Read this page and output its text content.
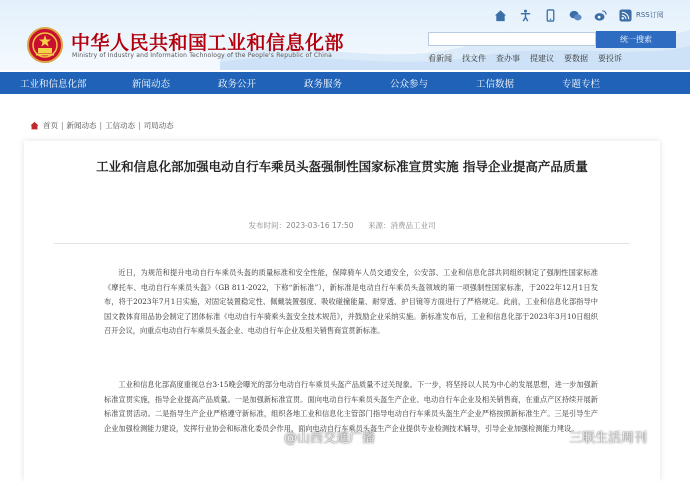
中华人民共和国工业和信息化部
Ministry of Industry and Information Technology of the People's Republic of China
RSS订阅
统一搜索
看新闻 找文件 查办事 提建议 要数据 要投诉
工业和信息化部	新闻动态	政务公开	政务服务	公众参与	工信数据	专题专栏
首页 | 新闻动态 | 工信动态 | 司局动态
工业和信息化部加强电动自行车乘员头盔强制性国家标准宣贯实施 指导企业提高产品质量
发布时间：2023-03-16 17:50 来源：消费品工业司

近日，为规范和提升电动自行车乘员头盔的质量标准和安全性能，保障骑车人员交通安全，公安部、工业和信息化部共同组织制定了强制性国家标准《摩托车、电动自行车乘员头盔》（GB 811-2022，下称“新标准”），新标准是电动自行车乘员头盔领域的第一项强制性国家标准，于2022年12月1日发布，将于2023年7月1日实施，对固定装置稳定性、佩戴装置强度、吸收碰撞能量、耐穿透、护目镜等方面进行了严格规定。此前，工业和信息化部指导中国文教体育用品协会制定了团体标准《电动自行车骑乘头盔安全技术规范》，并鼓励企业采纳实施。新标准发布后，工业和信息化部于2023年3月10日组织召开会议，向重点电动自行车乘员头盔企业、电动自行车企业及相关销售商宣贯新标准。

工业和信息化部高度重视总台3·15晚会曝光的部分电动自行车乘员头盔产品质量不过关现象。下一步，将坚持以人民为中心的发展思想，进一步加强新标准宣贯实施，指导企业提高产品质量。一是加强新标准宣贯。面向电动自行车乘员头盔生产企业、电动自行车企业及相关销售商，在重点产区持续开展新标准宣贯活动。二是指导生产企业严格遵守新标准，组织各地工业和信息化主管部门指导电动自行车乘员头盔生产企业严格按照新标准生产。三是引导生产企业加强检测能力建设，发挥行业协会和标准化委员会作用，面向电动自行车乘员头盔生产企业提供专业检测技术辅导，引导企业加强检测能力建设。

@山西交通广播	三联生活周刊
